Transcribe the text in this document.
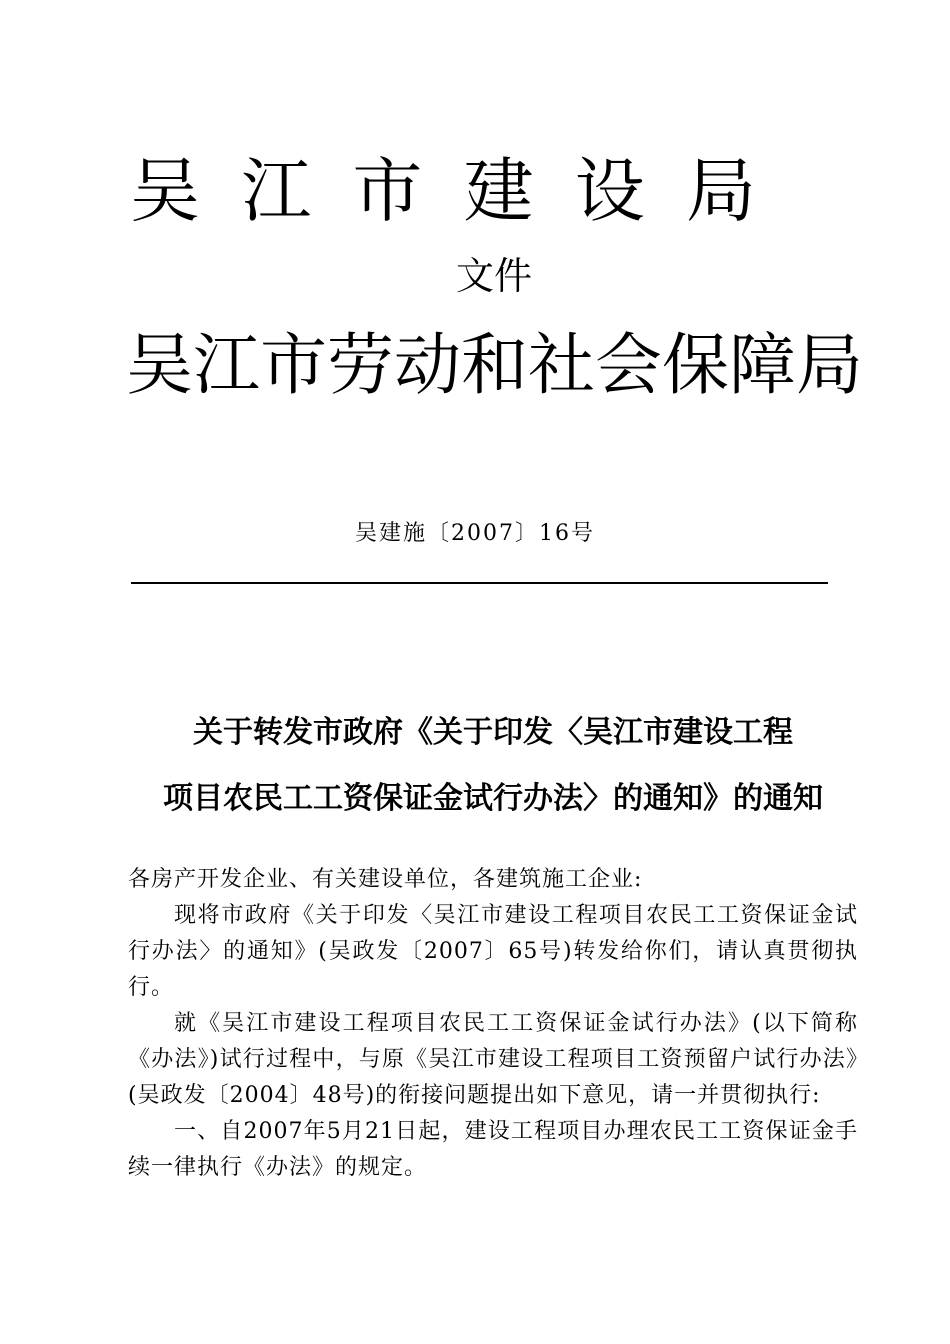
吴 江 市 建 设 局
文件
吴江市劳动和社会保障局
吴建施〔2007〕16号
关于转发市政府《关于印发〈吴江市建设工程
项目农民工工资保证金试行办法〉的通知》的通知

各房产开发企业、有关建设单位，各建筑施工企业:

现将市政府《关于印发〈吴江市建设工程项目农民工工资保证金试行办法〉的通知》(吴政发〔2007〕65号)转发给你们，请认真贯彻执行。

就《吴江市建设工程项目农民工工资保证金试行办法》(以下简称《办法》)试行过程中，与原《吴江市建设工程项目工资预留户试行办法》(吴政发〔2004〕48号)的衔接问题提出如下意见，请一并贯彻执行:

一、自2007年5月21日起，建设工程项目办理农民工工资保证金手续一律执行《办法》的规定。
